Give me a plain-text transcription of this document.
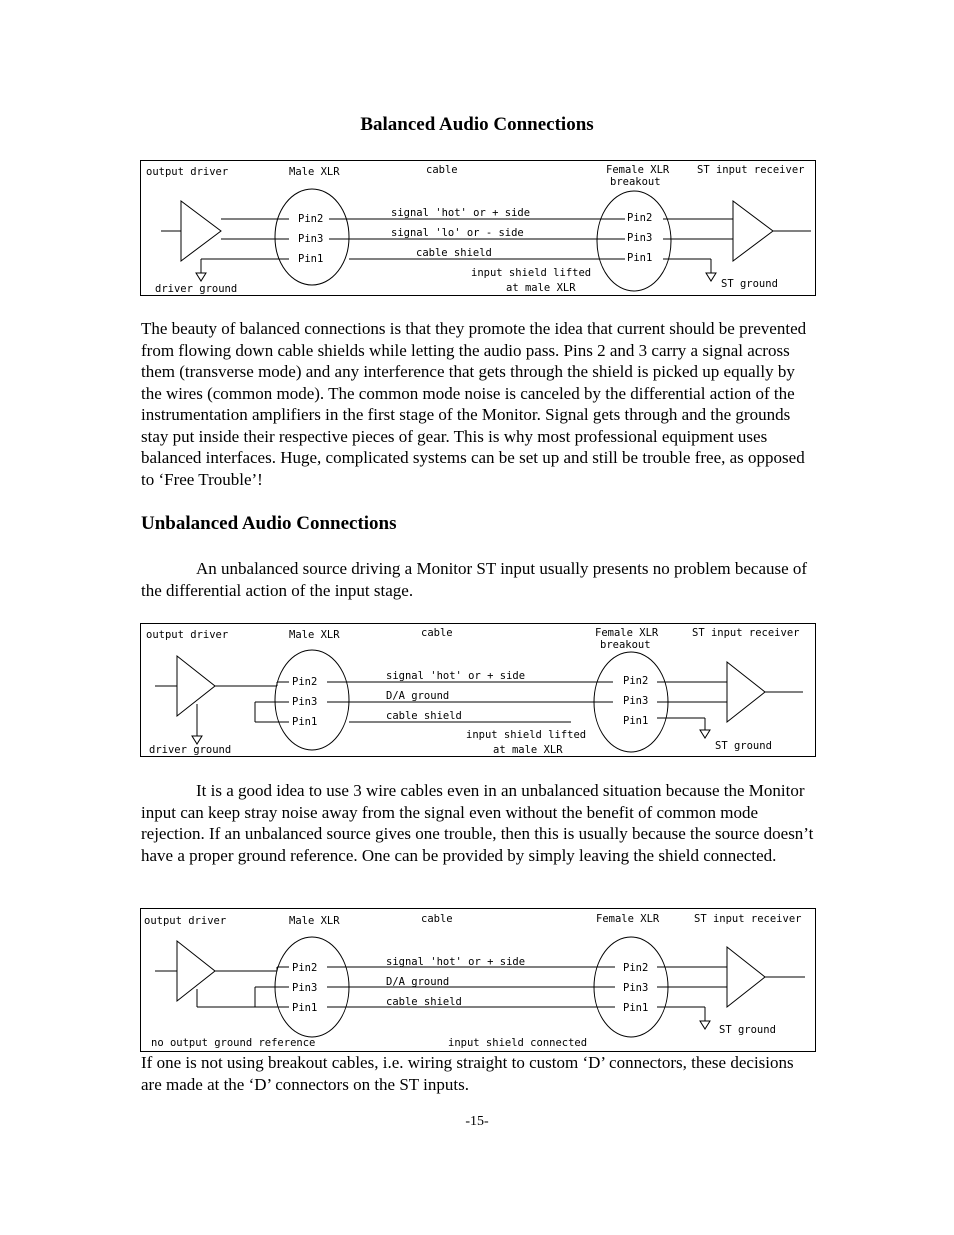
Balanced Audio Connections
output driver	Male XLR	cable	Female XLR
breakout
ST input receiver
driver ground
Pin2
Pin3
Pin1
signal 'hot' or + side
signal 'lo' or - side
cable shield
input shield lifted
at male XLR
Pin2
Pin3
Pin1
ST ground

The beauty of balanced connections is that they promote the idea that current should be prevented from flowing down cable shields while letting the audio pass. Pins 2 and 3 carry a signal across them (transverse mode) and any interference that gets through the shield is picked up equally by the wires (common mode). The common mode noise is canceled by the differential action of the instrumentation amplifiers in the first stage of the Monitor. Signal gets through and the grounds stay put inside their respective pieces of gear. This is why most professional equipment uses balanced interfaces. Huge, complicated systems can be set up and still be trouble free, as opposed to ‘Free Trouble’!

Unbalanced Audio Connections

An unbalanced source driving a Monitor ST input usually presents no problem because of the differential action of the input stage.

output driver	Male XLR	cable	Female XLR
breakout
ST input receiver
driver ground
Pin2
Pin3
Pin1
signal 'hot' or + side
D/A ground
cable shield
input shield lifted
at male XLR
Pin2
Pin3
Pin1
ST ground

It is a good idea to use 3 wire cables even in an unbalanced situation because the Monitor input can keep stray noise away from the signal even without the benefit of common mode rejection. If an unbalanced source gives one trouble, then this is usually because the source doesn’t have a proper ground reference. One can be provided by simply leaving the shield connected.

output driver	Male XLR	cable	Female XLR	ST input receiver
no output ground reference
Pin2
Pin3
Pin1
signal 'hot' or + side
D/A ground
cable shield
input shield connected
Pin2
Pin3
Pin1
ST ground

If one is not using breakout cables, i.e. wiring straight to custom ‘D’ connectors, these decisions are made at the ‘D’ connectors on the ST inputs.

-15-
